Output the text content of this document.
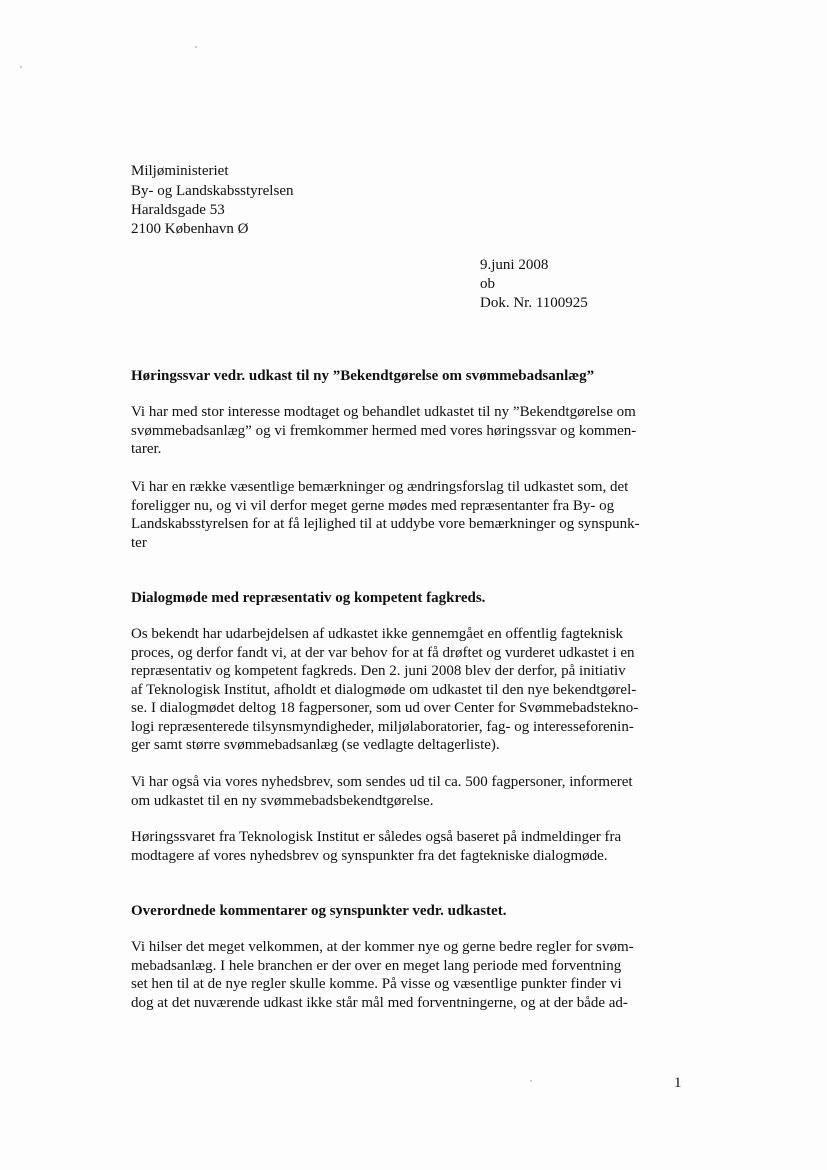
Miljøministeriet
By- og Landskabsstyrelsen
Haraldsgade 53
2100 København Ø
9.juni 2008
ob
Dok. Nr. 1100925
Høringssvar vedr. udkast til ny ”Bekendtgørelse om svømmebadsanlæg”
Vi har med stor interesse modtaget og behandlet udkastet til ny ”Bekendtgørelse om
svømmebadsanlæg” og vi fremkommer hermed med vores høringssvar og kommen-
tarer.
Vi har en række væsentlige bemærkninger og ændringsforslag til udkastet som, det
foreligger nu, og vi vil derfor meget gerne mødes med repræsentanter fra By- og
Landskabsstyrelsen for at få lejlighed til at uddybe vore bemærkninger og synspunk-
ter
Dialogmøde med repræsentativ og kompetent fagkreds.
Os bekendt har udarbejdelsen af udkastet ikke gennemgået en offentlig fagteknisk
proces, og derfor fandt vi, at der var behov for at få drøftet og vurderet udkastet i en
repræsentativ og kompetent fagkreds. Den 2. juni 2008 blev der derfor, på initiativ
af Teknologisk Institut, afholdt et dialogmøde om udkastet til den nye bekendtgørel-
se. I dialogmødet deltog 18 fagpersoner, som ud over Center for Svømmebadstekno-
logi repræsenterede tilsynsmyndigheder, miljølaboratorier, fag- og interesseforenin-
ger samt større svømmebadsanlæg (se vedlagte deltagerliste).
Vi har også via vores nyhedsbrev, som sendes ud til ca. 500 fagpersoner, informeret
om udkastet til en ny svømmebadsbekendtgørelse.
Høringssvaret fra Teknologisk Institut er således også baseret på indmeldinger fra
modtagere af vores nyhedsbrev og synspunkter fra det fagtekniske dialogmøde.
Overordnede kommentarer og synspunkter vedr. udkastet.
Vi hilser det meget velkommen, at der kommer nye og gerne bedre regler for svøm-
mebadsanlæg. I hele branchen er der over en meget lang periode med forventning
set hen til at de nye regler skulle komme. På visse og væsentlige punkter finder vi
dog at det nuværende udkast ikke står mål med forventningerne, og at der både ad-
1
